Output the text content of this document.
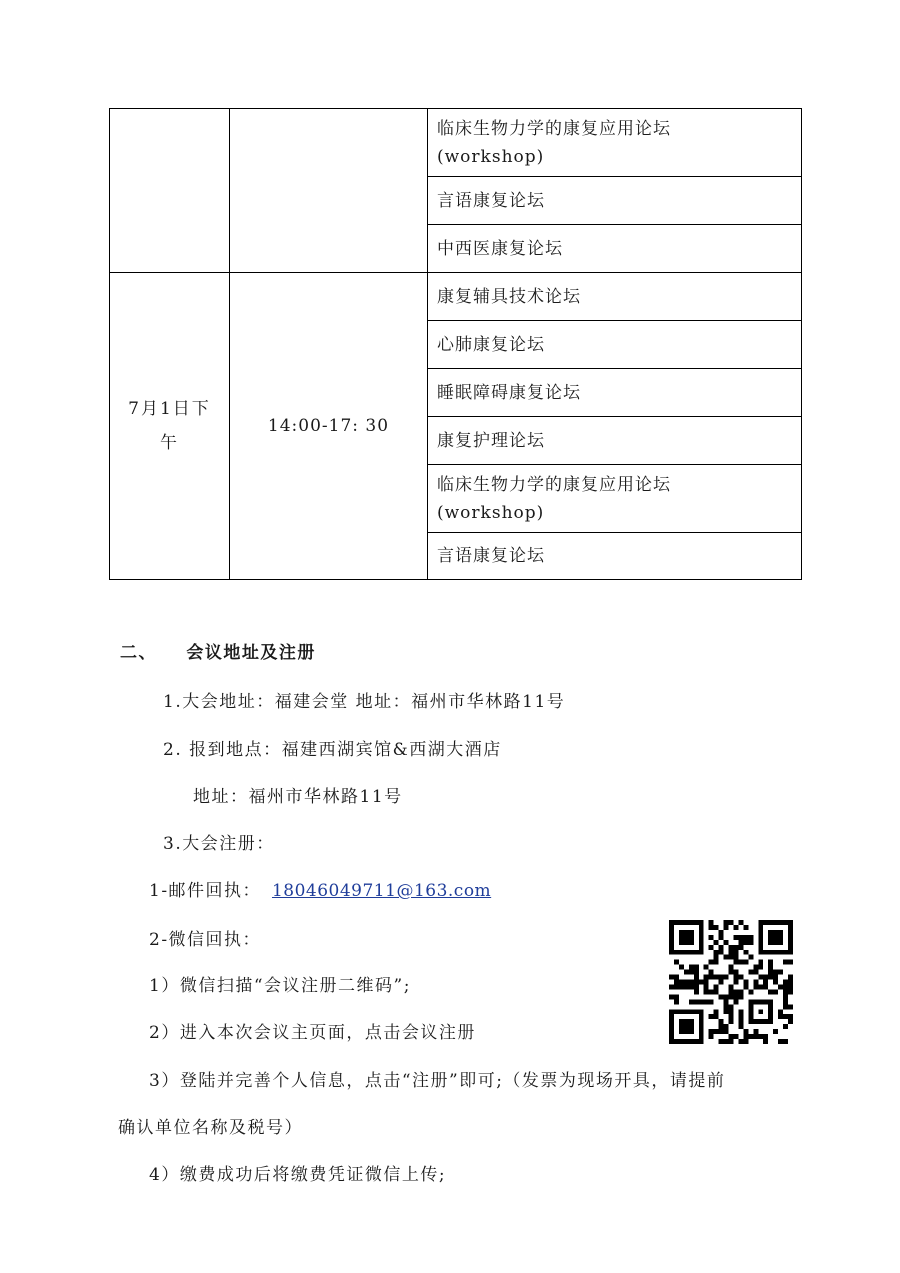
		临床生物力学的康复应用论坛
(workshop)

		言语康复论坛
		中西医康复论坛
7月1日下午	14:00-17: 30	康复辅具技术论坛
		心肺康复论坛
		睡眠障碍康复论坛
		康复护理论坛

		临床生物力学的康复应用论坛
(workshop)

		言语康复论坛
二、 会议地址及注册
1.大会地址：福建会堂 地址：福州市华林路11号
2. 报到地点：福建西湖宾馆&西湖大酒店
地址：福州市华林路11号
3.大会注册：
1-邮件回执： 18046049711@163.com
2-微信回执：
1）微信扫描“会议注册二维码”;
2）进入本次会议主页面，点击会议注册
3）登陆并完善个人信息，点击“注册”即可;（发票为现场开具，请提前
确认单位名称及税号）
4）缴费成功后将缴费凭证微信上传;
